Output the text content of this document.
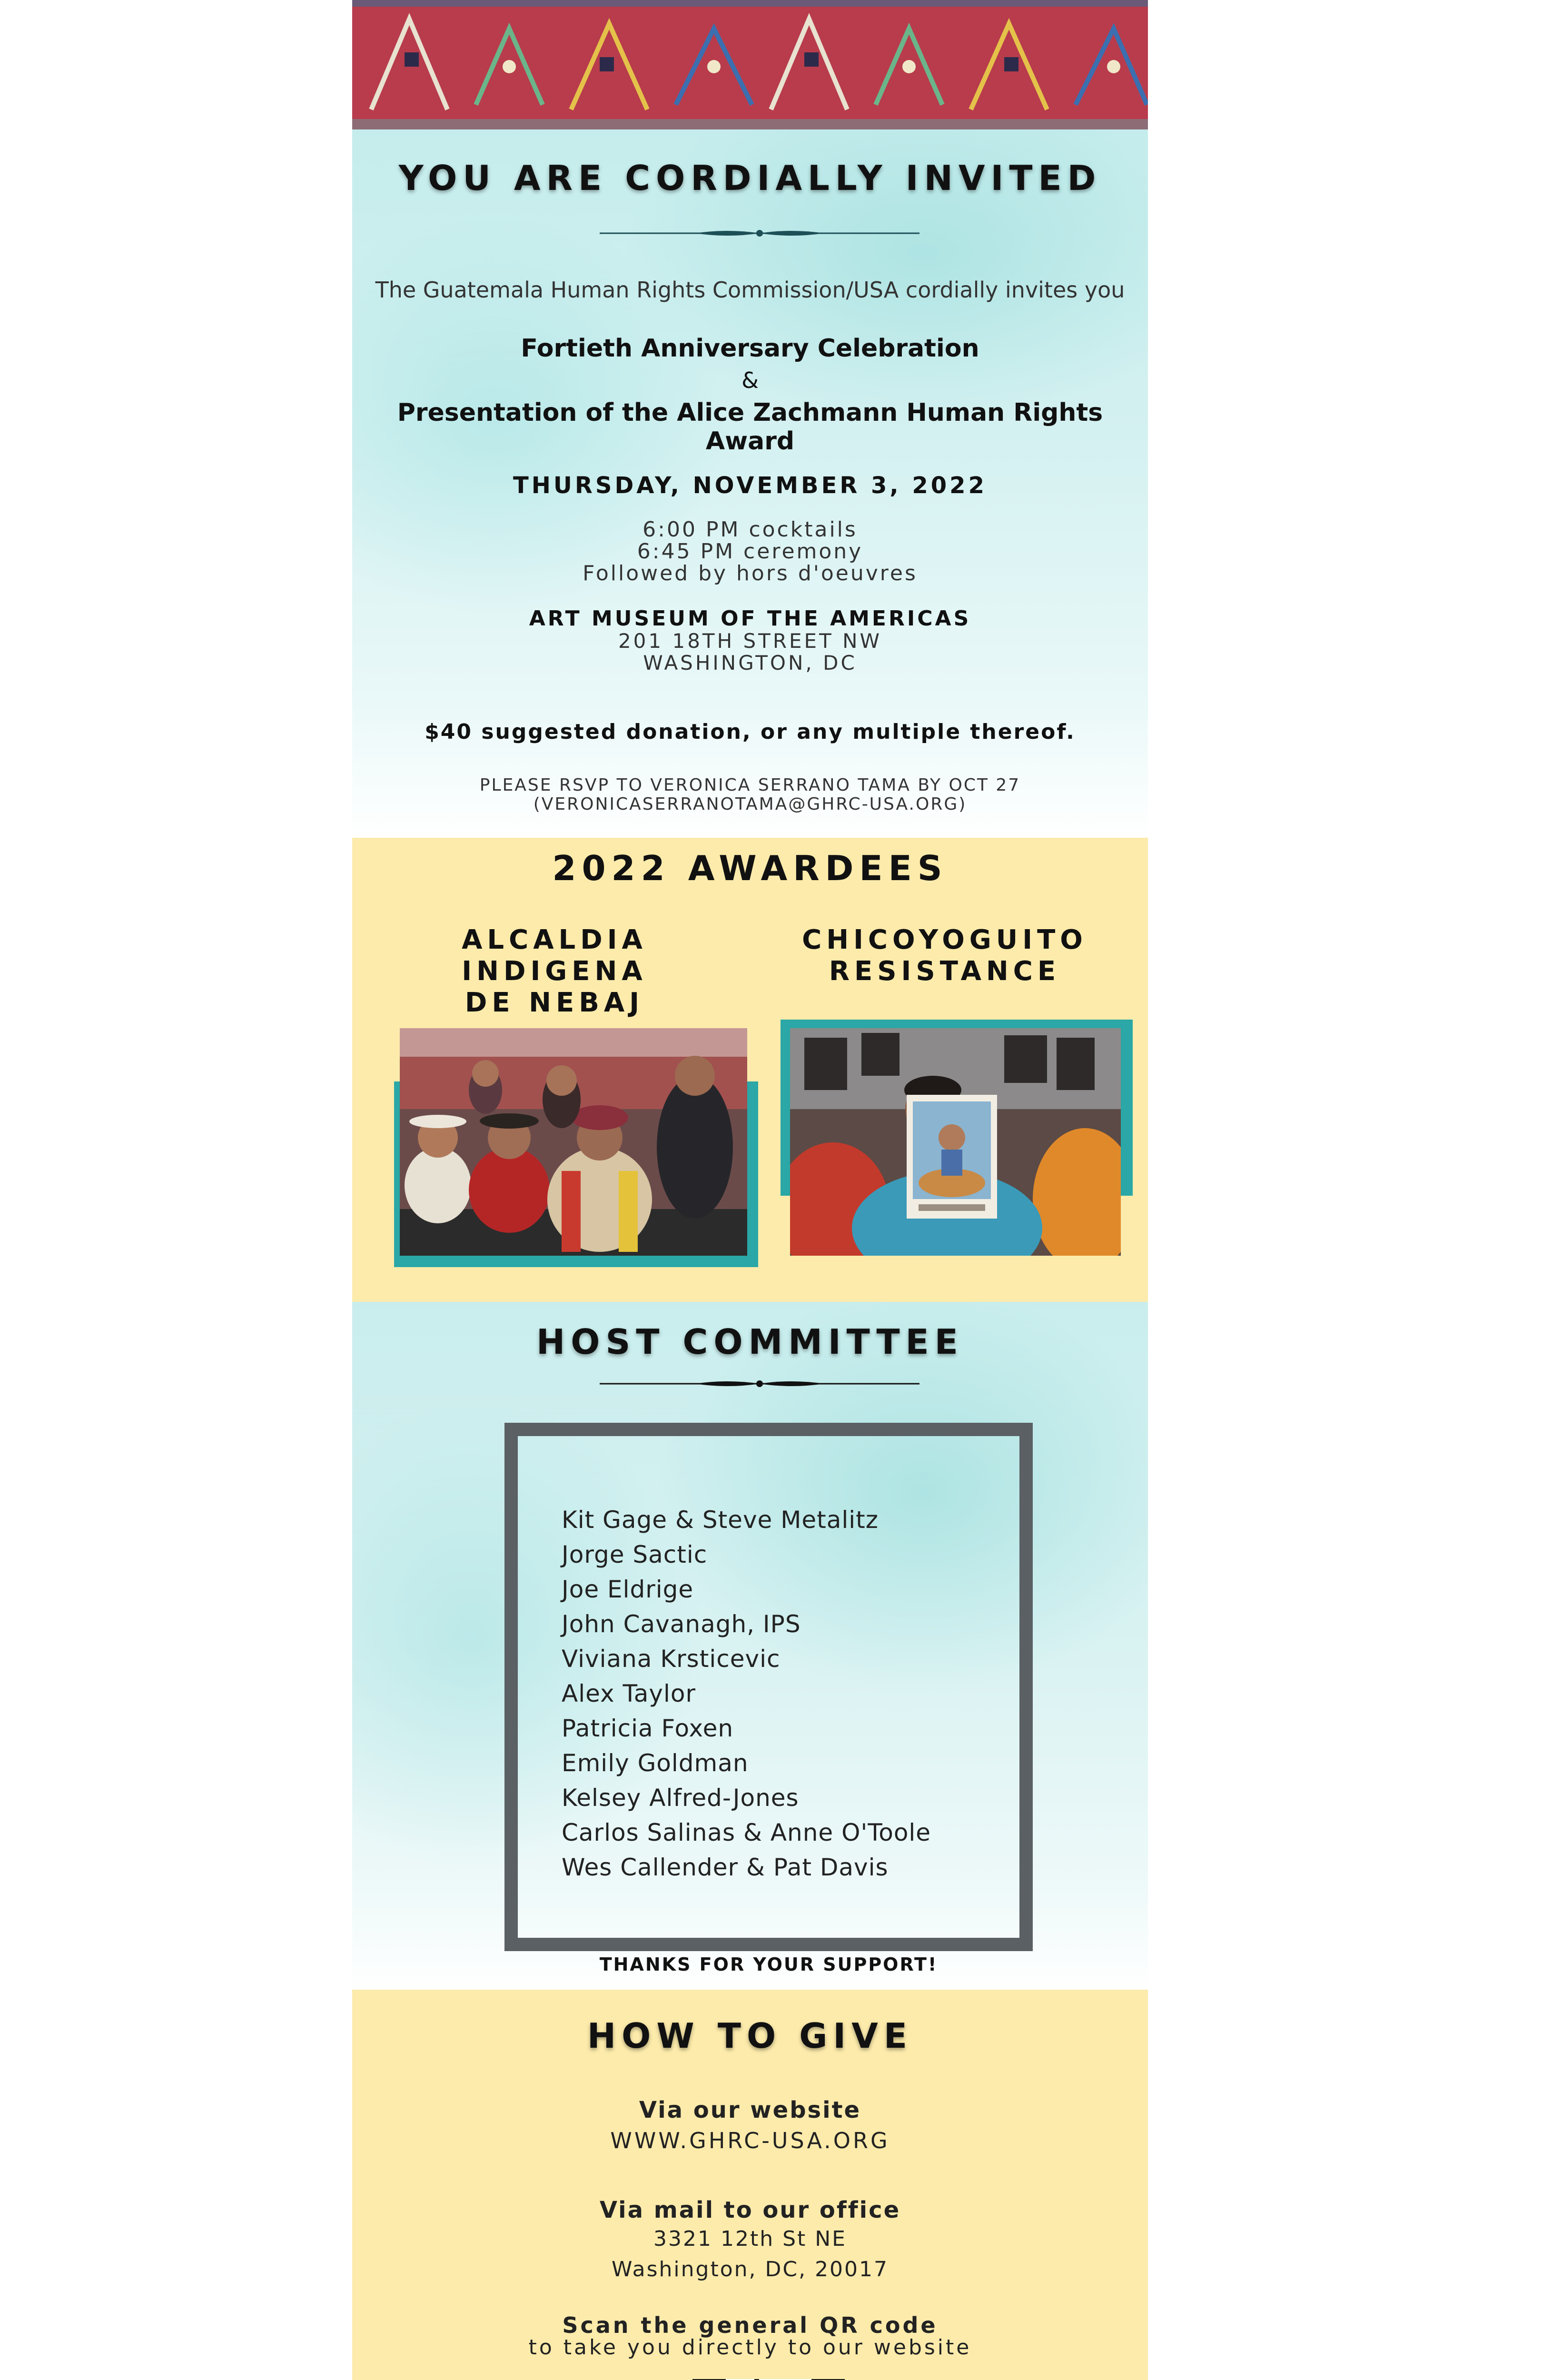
YOU ARE CORDIALLY INVITED
The Guatemala Human Rights Commission/USA cordially invites you
Fortieth Anniversary Celebration
&
Presentation of the Alice Zachmann Human Rights Award
THURSDAY, NOVEMBER 3, 2022
6:00 PM cocktails
6:45 PM ceremony
Followed by hors d'oeuvres
ART MUSEUM OF THE AMERICAS
201 18TH STREET NW
WASHINGTON, DC
$40 suggested donation, or any multiple thereof.
PLEASE RSVP TO VERONICA SERRANO TAMA BY OCT 27
(VERONICASERRANOTAMA@GHRC-USA.ORG)
2022 AWARDEES
ALCALDIA INDIGENA
DE NEBAJ
CHICOYOGUITO
RESISTANCE
HOST COMMITTEE
Kit Gage & Steve Metalitz
Jorge Sactic
Joe Eldrige
John Cavanagh, IPS
Viviana Krsticevic
Alex Taylor
Patricia Foxen
Emily Goldman
Kelsey Alfred-Jones
Carlos Salinas & Anne O'Toole
Wes Callender & Pat Davis
THANKS FOR YOUR SUPPORT!
HOW TO GIVE
Via our website
WWW.GHRC-USA.ORG
Via mail to our office
3321 12th St NE
Washington, DC, 20017
Scan the general QR code
to take you directly to our website
